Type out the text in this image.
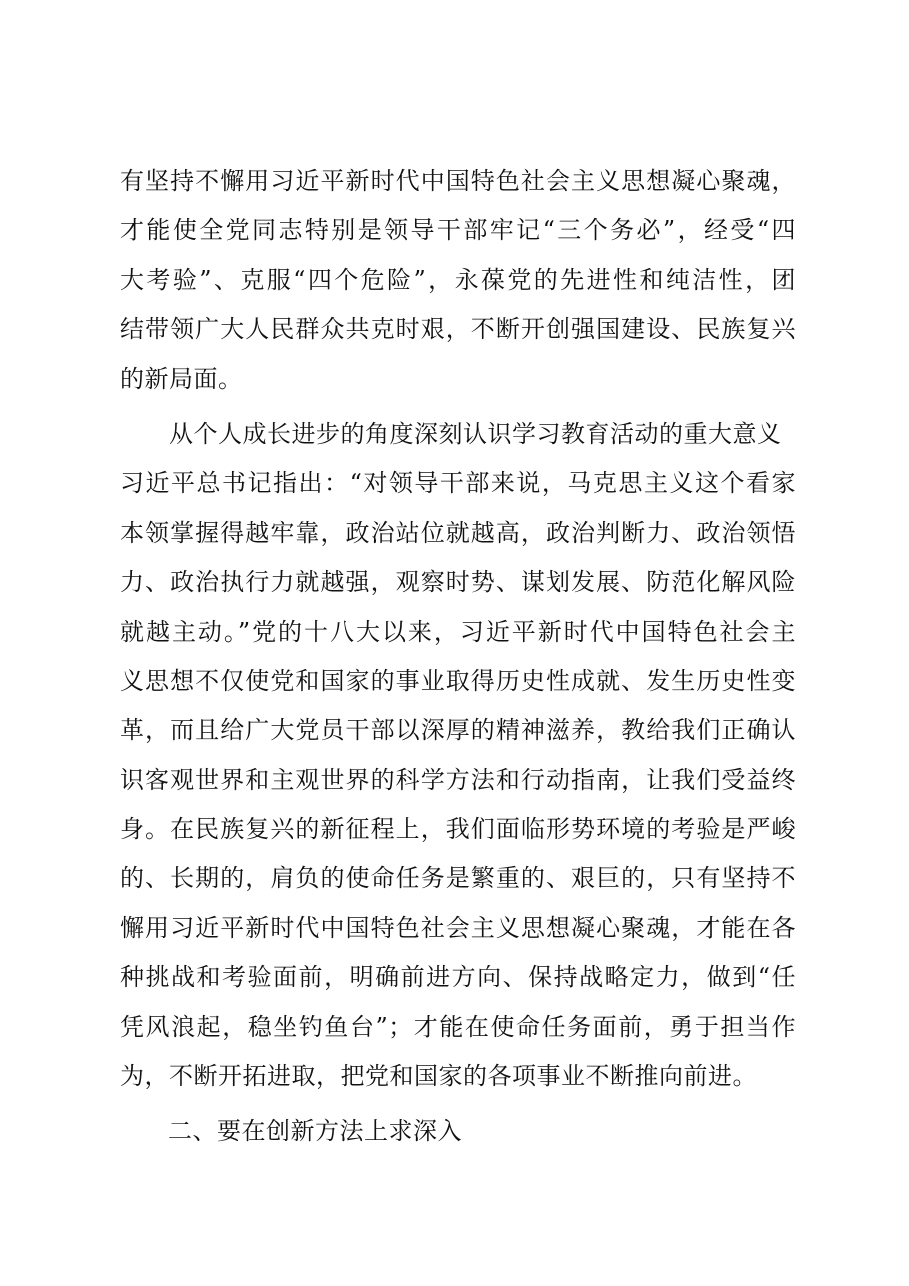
有坚持不懈用习近平新时代中国特色社会主义思想凝心聚魂，
才能使全党同志特别是领导干部牢记“三个务必”，经受“四
大考验”、克服“四个危险”，永葆党的先进性和纯洁性，团
结带领广大人民群众共克时艰，不断开创强国建设、民族复兴
的新局面。
　　从个人成长进步的角度深刻认识学习教育活动的重大意义
习近平总书记指出：“对领导干部来说，马克思主义这个看家
本领掌握得越牢靠，政治站位就越高，政治判断力、政治领悟
力、政治执行力就越强，观察时势、谋划发展、防范化解风险
就越主动。”党的十八大以来，习近平新时代中国特色社会主
义思想不仅使党和国家的事业取得历史性成就、发生历史性变
革，而且给广大党员干部以深厚的精神滋养，教给我们正确认
识客观世界和主观世界的科学方法和行动指南，让我们受益终
身。在民族复兴的新征程上，我们面临形势环境的考验是严峻
的、长期的，肩负的使命任务是繁重的、艰巨的，只有坚持不
懈用习近平新时代中国特色社会主义思想凝心聚魂，才能在各
种挑战和考验面前，明确前进方向、保持战略定力，做到“任
凭风浪起，稳坐钓鱼台”；才能在使命任务面前，勇于担当作
为，不断开拓进取，把党和国家的各项事业不断推向前进。
二、要在创新方法上求深入
